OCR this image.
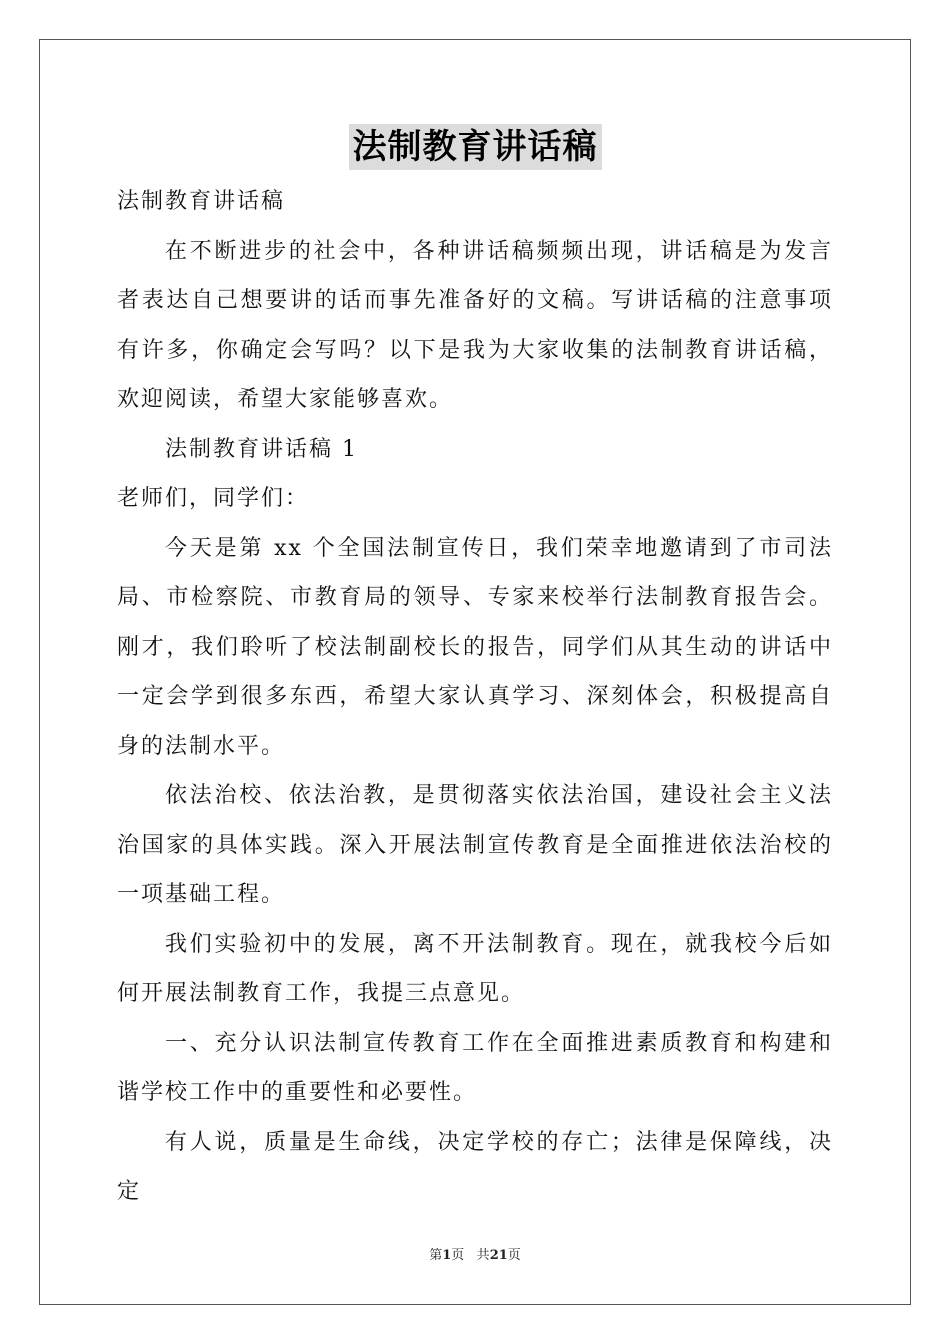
法制教育讲话稿

法制教育讲话稿

在不断进步的社会中，各种讲话稿频频出现，讲话稿是为发言者表达自己想要讲的话而事先准备好的文稿。写讲话稿的注意事项有许多，你确定会写吗？以下是我为大家收集的法制教育讲话稿，欢迎阅读，希望大家能够喜欢。

法制教育讲话稿 1

老师们，同学们：

今天是第 xx 个全国法制宣传日，我们荣幸地邀请到了市司法局、市检察院、市教育局的领导、专家来校举行法制教育报告会。刚才，我们聆听了校法制副校长的报告，同学们从其生动的讲话中一定会学到很多东西，希望大家认真学习、深刻体会，积极提高自身的法制水平。

依法治校、依法治教，是贯彻落实依法治国，建设社会主义法治国家的具体实践。深入开展法制宣传教育是全面推进依法治校的一项基础工程。

我们实验初中的发展，离不开法制教育。现在，就我校今后如何开展法制教育工作，我提三点意见。

一、充分认识法制宣传教育工作在全面推进素质教育和构建和谐学校工作中的重要性和必要性。

有人说，质量是生命线，决定学校的存亡；法律是保障线，决定

第1页 共21页
